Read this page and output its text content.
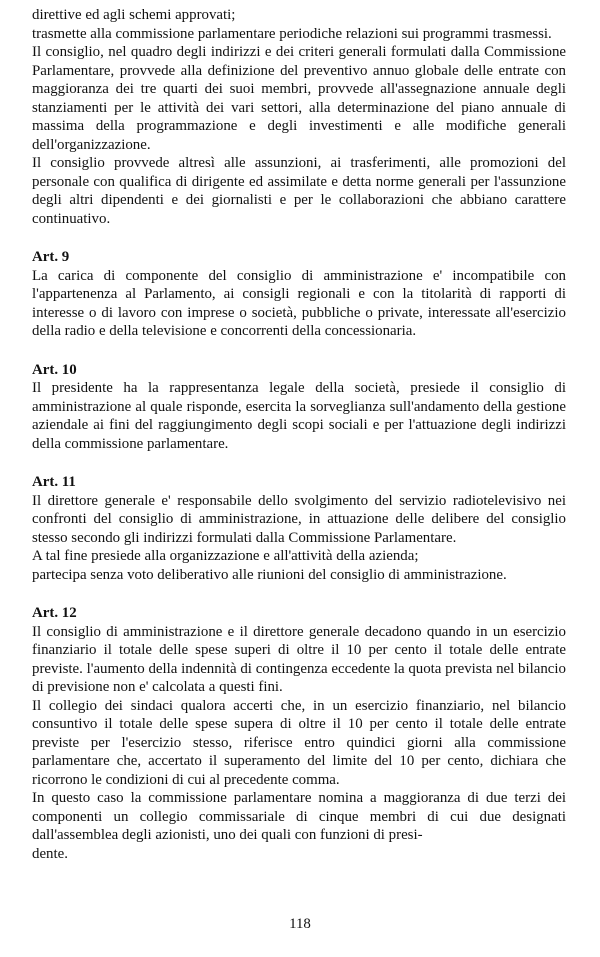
direttive ed agli schemi approvati;
trasmette alla commissione parlamentare periodiche relazioni sui programmi trasmessi.
Il consiglio, nel quadro degli indirizzi e dei criteri generali formulati dalla Commissione Parlamentare, provvede alla definizione del preventivo annuo globale delle entrate con maggioranza dei tre quarti dei suoi membri, provvede all'assegnazione annuale degli stanziamenti per le attività dei vari settori, alla determinazione del piano annuale di massima della programmazione e degli investimenti e alle modifiche generali dell'organizzazione.
Il consiglio provvede altresì alle assunzioni, ai trasferimenti, alle promozioni del personale con qualifica di dirigente ed assimilate e detta norme generali per l'assunzione degli altri dipendenti e dei giornalisti e per le collaborazioni che abbiano carattere continuativo.
Art. 9
La carica di componente del consiglio di amministrazione e' incompatibile con l'appartenenza al Parlamento, ai consigli regionali e con la titolarità di rapporti di interesse o di lavoro con imprese o società, pubbliche o private, interessate all'esercizio della radio e della televisione e concorrenti della concessionaria.
Art. 10
Il presidente ha la rappresentanza legale della società, presiede il consiglio di amministrazione al quale risponde, esercita la sorveglianza sull'andamento della gestione aziendale ai fini del raggiungimento degli scopi sociali e per l'attuazione degli indirizzi della commissione parlamentare.
Art. 11
Il direttore generale e' responsabile dello svolgimento del servizio radiotelevisivo nei confronti del consiglio di amministrazione, in attuazione delle delibere del consiglio stesso secondo gli indirizzi formulati dalla Commissione Parlamentare.
A tal fine presiede alla organizzazione e all'attività della azienda;
partecipa senza voto deliberativo alle riunioni del consiglio di amministrazione.
Art. 12
Il consiglio di amministrazione e il direttore generale decadono quando in un esercizio finanziario il totale delle spese superi di oltre il 10 per cento il totale delle entrate previste. l'aumento della indennità di contingenza eccedente la quota prevista nel bilancio di previsione non e' calcolata a questi fini.
Il collegio dei sindaci qualora accerti che, in un esercizio finanziario, nel bilancio consuntivo il totale delle spese supera di oltre il 10 per cento il totale delle entrate previste per l'esercizio stesso, riferisce entro quindici giorni alla commissione parlamentare che, accertato il superamento del limite del 10 per cento, dichiara che ricorrono le condizioni di cui al precedente comma.
In questo caso la commissione parlamentare nomina a maggioranza di due terzi dei componenti un collegio commissariale di cinque membri di cui due designati dall'assemblea degli azionisti, uno dei quali con funzioni di presi-
dente.
118
